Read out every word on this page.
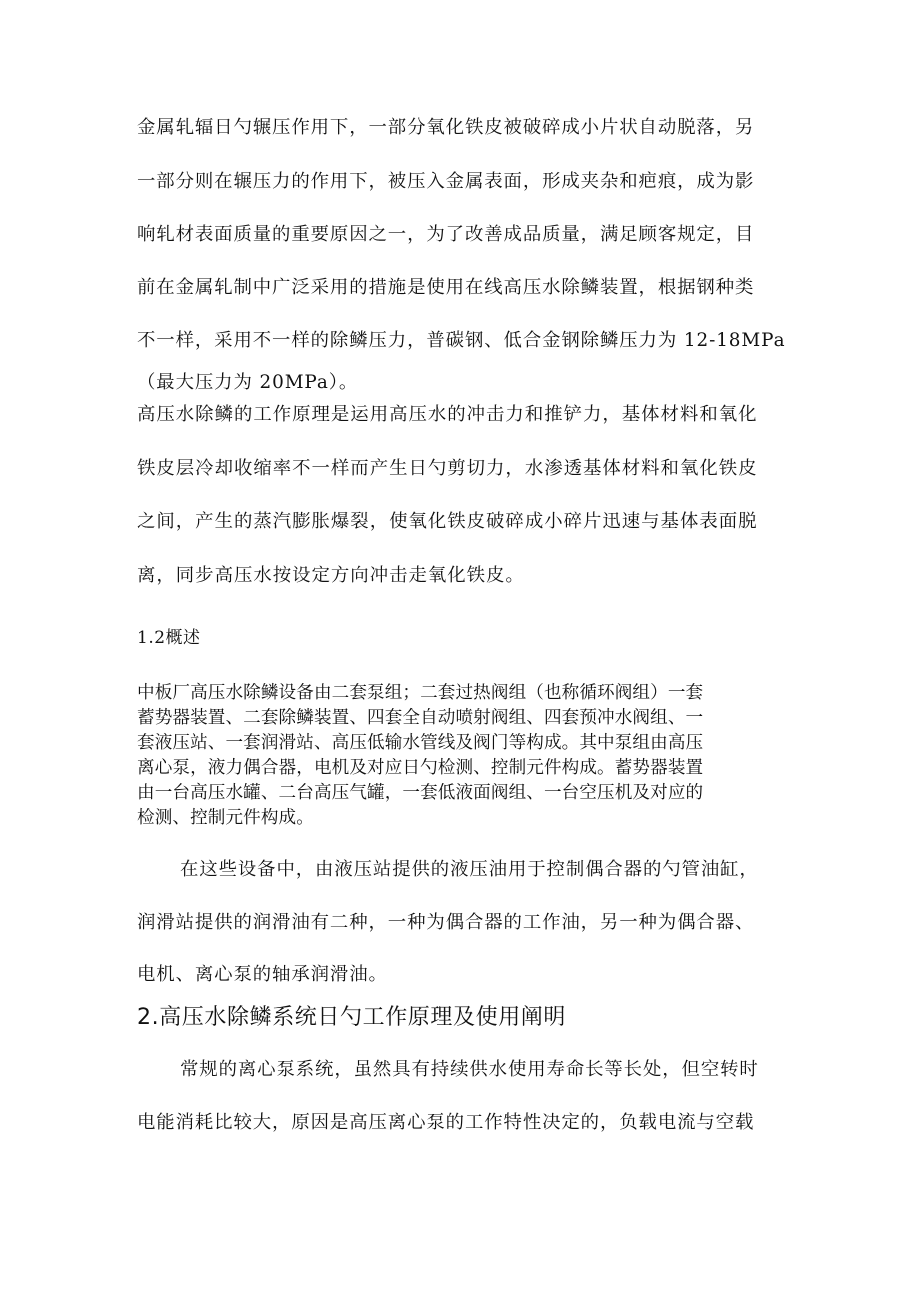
金属轧辐日勺辗压作用下，一部分氧化铁皮被破碎成小片状自动脱落，另
一部分则在辗压力的作用下，被压入金属表面，形成夹杂和疤痕，成为影
响轧材表面质量的重要原因之一，为了改善成品质量，满足顾客规定，目
前在金属轧制中广泛采用的措施是使用在线高压水除鳞装置，根据钢种类
不一样，采用不一样的除鳞压力，普碳钢、低合金钢除鳞压力为 12-18MPa
（最大压力为 20MPa）。
高压水除鳞的工作原理是运用高压水的冲击力和推铲力，基体材料和氧化
铁皮层冷却收缩率不一样而产生日勺剪切力，水渗透基体材料和氧化铁皮
之间，产生的蒸汽膨胀爆裂，使氧化铁皮破碎成小碎片迅速与基体表面脱
离，同步高压水按设定方向冲击走氧化铁皮。
1.2概述
中板厂高压水除鳞设备由二套泵组；二套过热阀组（也称循环阀组）一套
蓄势器装置、二套除鳞装置、四套全自动喷射阀组、四套预冲水阀组、一
套液压站、一套润滑站、高压低输水管线及阀门等构成。其中泵组由高压
离心泵，液力偶合器，电机及对应日勺检测、控制元件构成。蓄势器装置
由一台高压水罐、二台高压气罐，一套低液面阀组、一台空压机及对应的
检测、控制元件构成。
在这些设备中，由液压站提供的液压油用于控制偶合器的勺管油缸，
润滑站提供的润滑油有二种，一种为偶合器的工作油，另一种为偶合器、
电机、离心泵的轴承润滑油。
2.高压水除鳞系统日勺工作原理及使用阐明
常规的离心泵系统，虽然具有持续供水使用寿命长等长处，但空转时
电能消耗比较大，原因是高压离心泵的工作特性决定的，负载电流与空载
